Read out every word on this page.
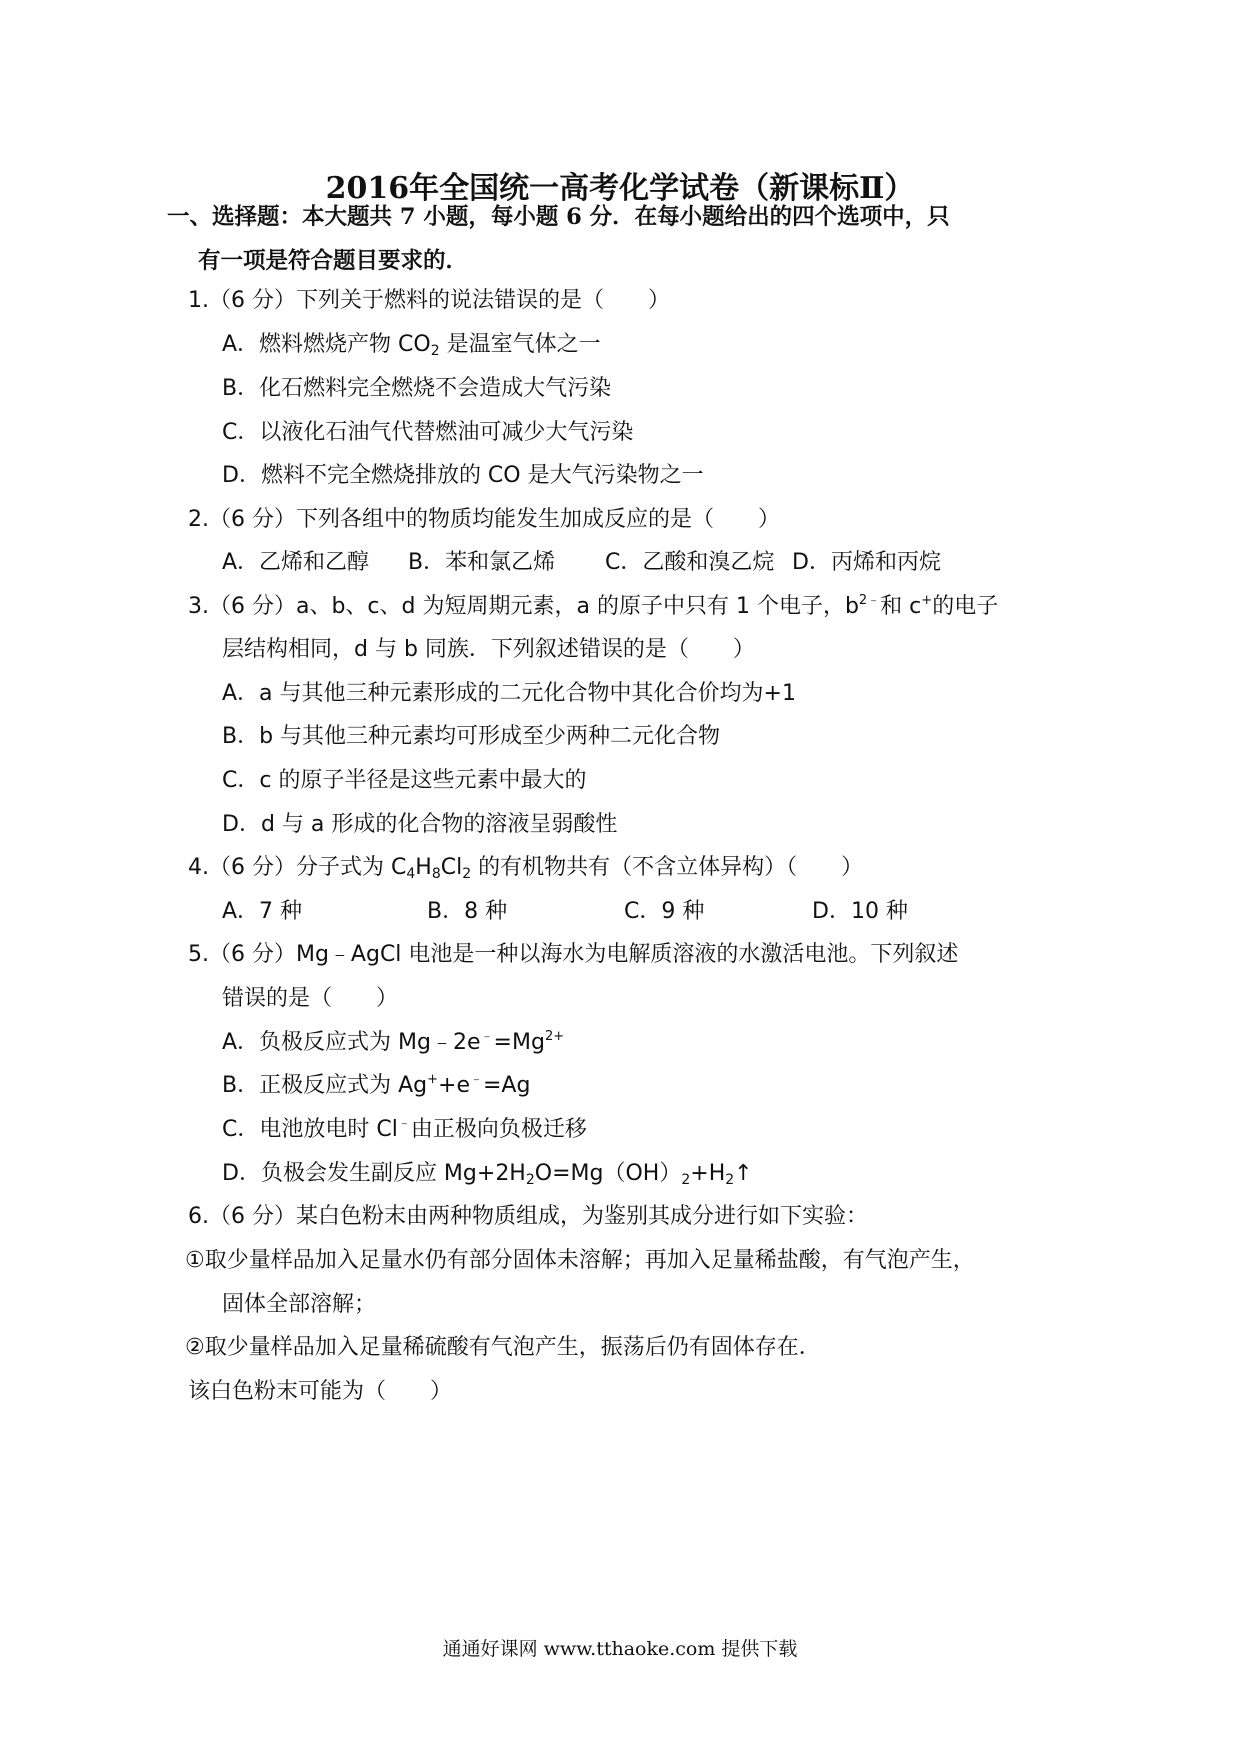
2016年全国统一高考化学试卷（新课标Ⅱ）
一、选择题：本大题共 7 小题，每小题 6 分．在每小题给出的四个选项中，只
有一项是符合题目要求的．
1.（6 分）下列关于燃料的说法错误的是（　　）
A．燃料燃烧产物 $CO_2$ 是温室气体之一
B．化石燃料完全燃烧不会造成大气污染
C．以液化石油气代替燃油可减少大气污染
D．燃料不完全燃烧排放的 CO 是大气污染物之一
2.（6 分）下列各组中的物质均能发生加成反应的是（　　）
A．乙烯和乙醇 B．苯和氯乙烯 C．乙酸和溴乙烷 D．丙烯和丙烷
3.（6 分）a、b、c、d 为短周期元素，a 的原子中只有 1 个电子，$b^{2﹣}$和 c+的电子
层结构相同，d 与 b 同族．下列叙述错误的是（　　）
A．a 与其他三种元素形成的二元化合物中其化合价均为+1
B．b 与其他三种元素均可形成至少两种二元化合物
C．c 的原子半径是这些元素中最大的
D．d 与 a 形成的化合物的溶液呈弱酸性
4.（6 分）分子式为 $C_4H_8Cl_2$ 的有机物共有（不含立体异构）（　　）
A．7 种	B．8 种	C．9 种	D．10 种
5.（6 分）Mg﹣AgCl 电池是一种以海水为电解质溶液的水激活电池。下列叙述
错误的是（　　）
A．负极反应式为 $Mg﹣2e^﹣=Mg^{2+}$
B．正极反应式为 Ag++e﹣=Ag
C．电池放电时 Cl﹣由正极向负极迁移
D．负极会发生副反应 $Mg+2H_2O=Mg(OH)_2+H_2↑$
6.（6 分）某白色粉末由两种物质组成，为鉴别其成分进行如下实验：
①取少量样品加入足量水仍有部分固体未溶解；再加入足量稀盐酸，有气泡产生，
固体全部溶解；
②取少量样品加入足量稀硫酸有气泡产生，振荡后仍有固体存在．
该白色粉末可能为（　　）
通通好课网 www.tthaoke.com 提供下载
